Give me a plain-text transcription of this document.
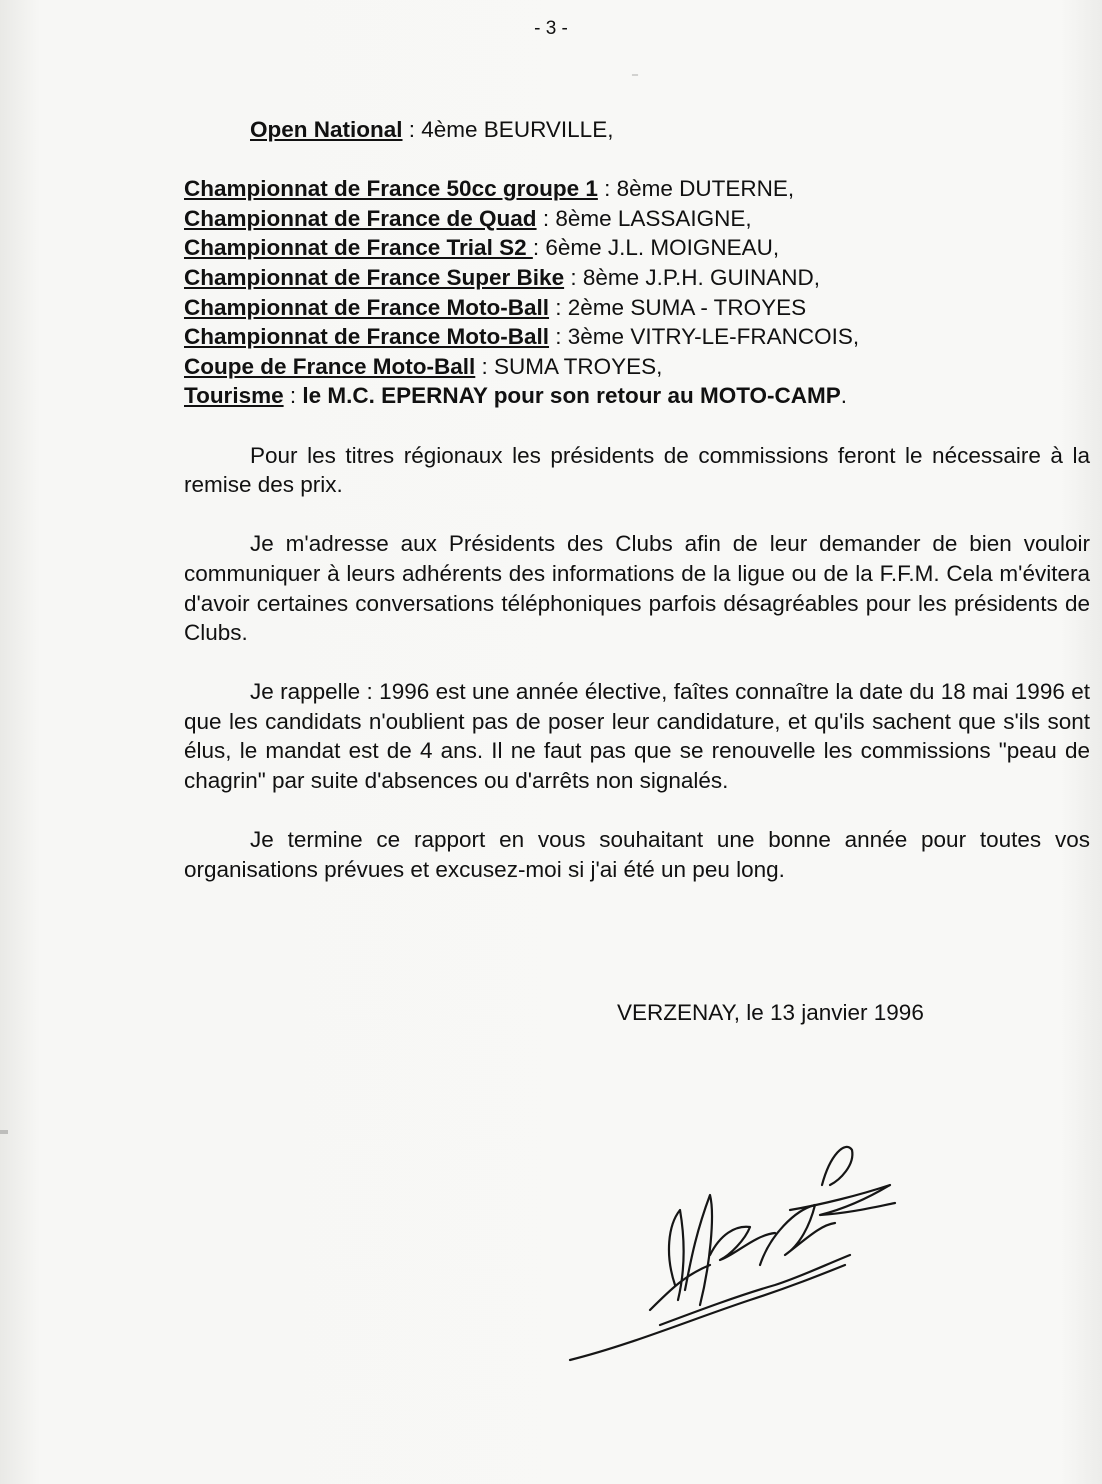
- 3 -
Open National : 4ème BEURVILLE,
Championnat de France 50cc groupe 1 : 8ème DUTERNE,
Championnat de France de Quad : 8ème LASSAIGNE,
Championnat de France Trial S2 : 6ème J.L. MOIGNEAU,
Championnat de France Super Bike : 8ème J.P.H. GUINAND,
Championnat de France Moto-Ball : 2ème SUMA - TROYES
Championnat de France Moto-Ball : 3ème VITRY-LE-FRANCOIS,
Coupe de France Moto-Ball : SUMA TROYES,
Tourisme : le M.C. EPERNAY pour son retour au MOTO-CAMP.
Pour les titres régionaux les présidents de commissions feront le nécessaire à la remise des prix.
Je m'adresse aux Présidents des Clubs afin de leur demander de bien vouloir communiquer à leurs adhérents des informations de la ligue ou de la F.F.M. Cela m'évitera d'avoir certaines conversations téléphoniques parfois désagréables pour les présidents de Clubs.
Je rappelle : 1996 est une année élective, faîtes connaître la date du 18 mai 1996 et que les candidats n'oublient pas de poser leur candidature, et qu'ils sachent que s'ils sont élus, le mandat est de 4 ans. Il ne faut pas que se renouvelle les commissions "peau de chagrin" par suite d'absences ou d'arrêts non signalés.
Je termine ce rapport en vous souhaitant une bonne année pour toutes vos organisations prévues et excusez-moi si j'ai été un peu long.
VERZENAY, le 13 janvier 1996
